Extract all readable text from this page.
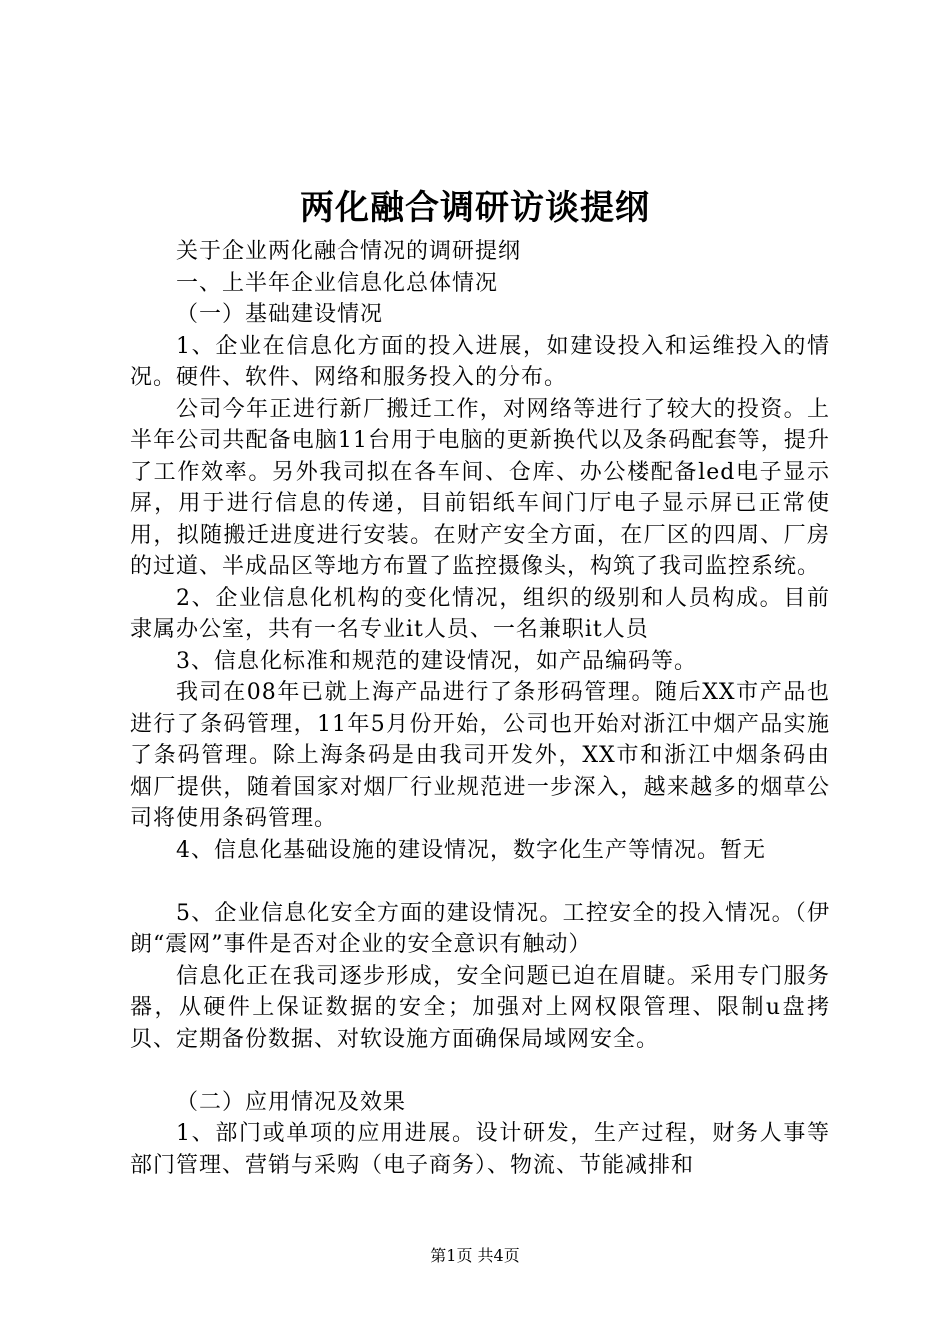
两化融合调研访谈提纲

关于企业两化融合情况的调研提纲

一、上半年企业信息化总体情况

（一）基础建设情况

1、企业在信息化方面的投入进展，如建设投入和运维投入的情况。硬件、软件、网络和服务投入的分布。

公司今年正进行新厂搬迁工作，对网络等进行了较大的投资。上半年公司共配备电脑11台用于电脑的更新换代以及条码配套等，提升了工作效率。另外我司拟在各车间、仓库、办公楼配备led电子显示屏，用于进行信息的传递，目前铝纸车间门厅电子显示屏已正常使用，拟随搬迁进度进行安装。在财产安全方面，在厂区的四周、厂房的过道、半成品区等地方布置了监控摄像头，构筑了我司监控系统。

2、企业信息化机构的变化情况，组织的级别和人员构成。目前隶属办公室，共有一名专业it人员、一名兼职it人员

3、信息化标准和规范的建设情况，如产品编码等。

我司在08年已就上海产品进行了条形码管理。随后XX市产品也进行了条码管理，11年5月份开始，公司也开始对浙江中烟产品实施了条码管理。除上海条码是由我司开发外，XX市和浙江中烟条码由烟厂提供，随着国家对烟厂行业规范进一步深入，越来越多的烟草公司将使用条码管理。

4、信息化基础设施的建设情况，数字化生产等情况。暂无

5、企业信息化安全方面的建设情况。工控安全的投入情况。（伊朗“震网”事件是否对企业的安全意识有触动）

信息化正在我司逐步形成，安全问题已迫在眉睫。采用专门服务器，从硬件上保证数据的安全；加强对上网权限管理、限制u盘拷贝、定期备份数据、对软设施方面确保局域网安全。

（二）应用情况及效果

1、部门或单项的应用进展。设计研发，生产过程，财务人事等部门管理、营销与采购（电子商务）、物流、节能减排和

第1页 共4页
